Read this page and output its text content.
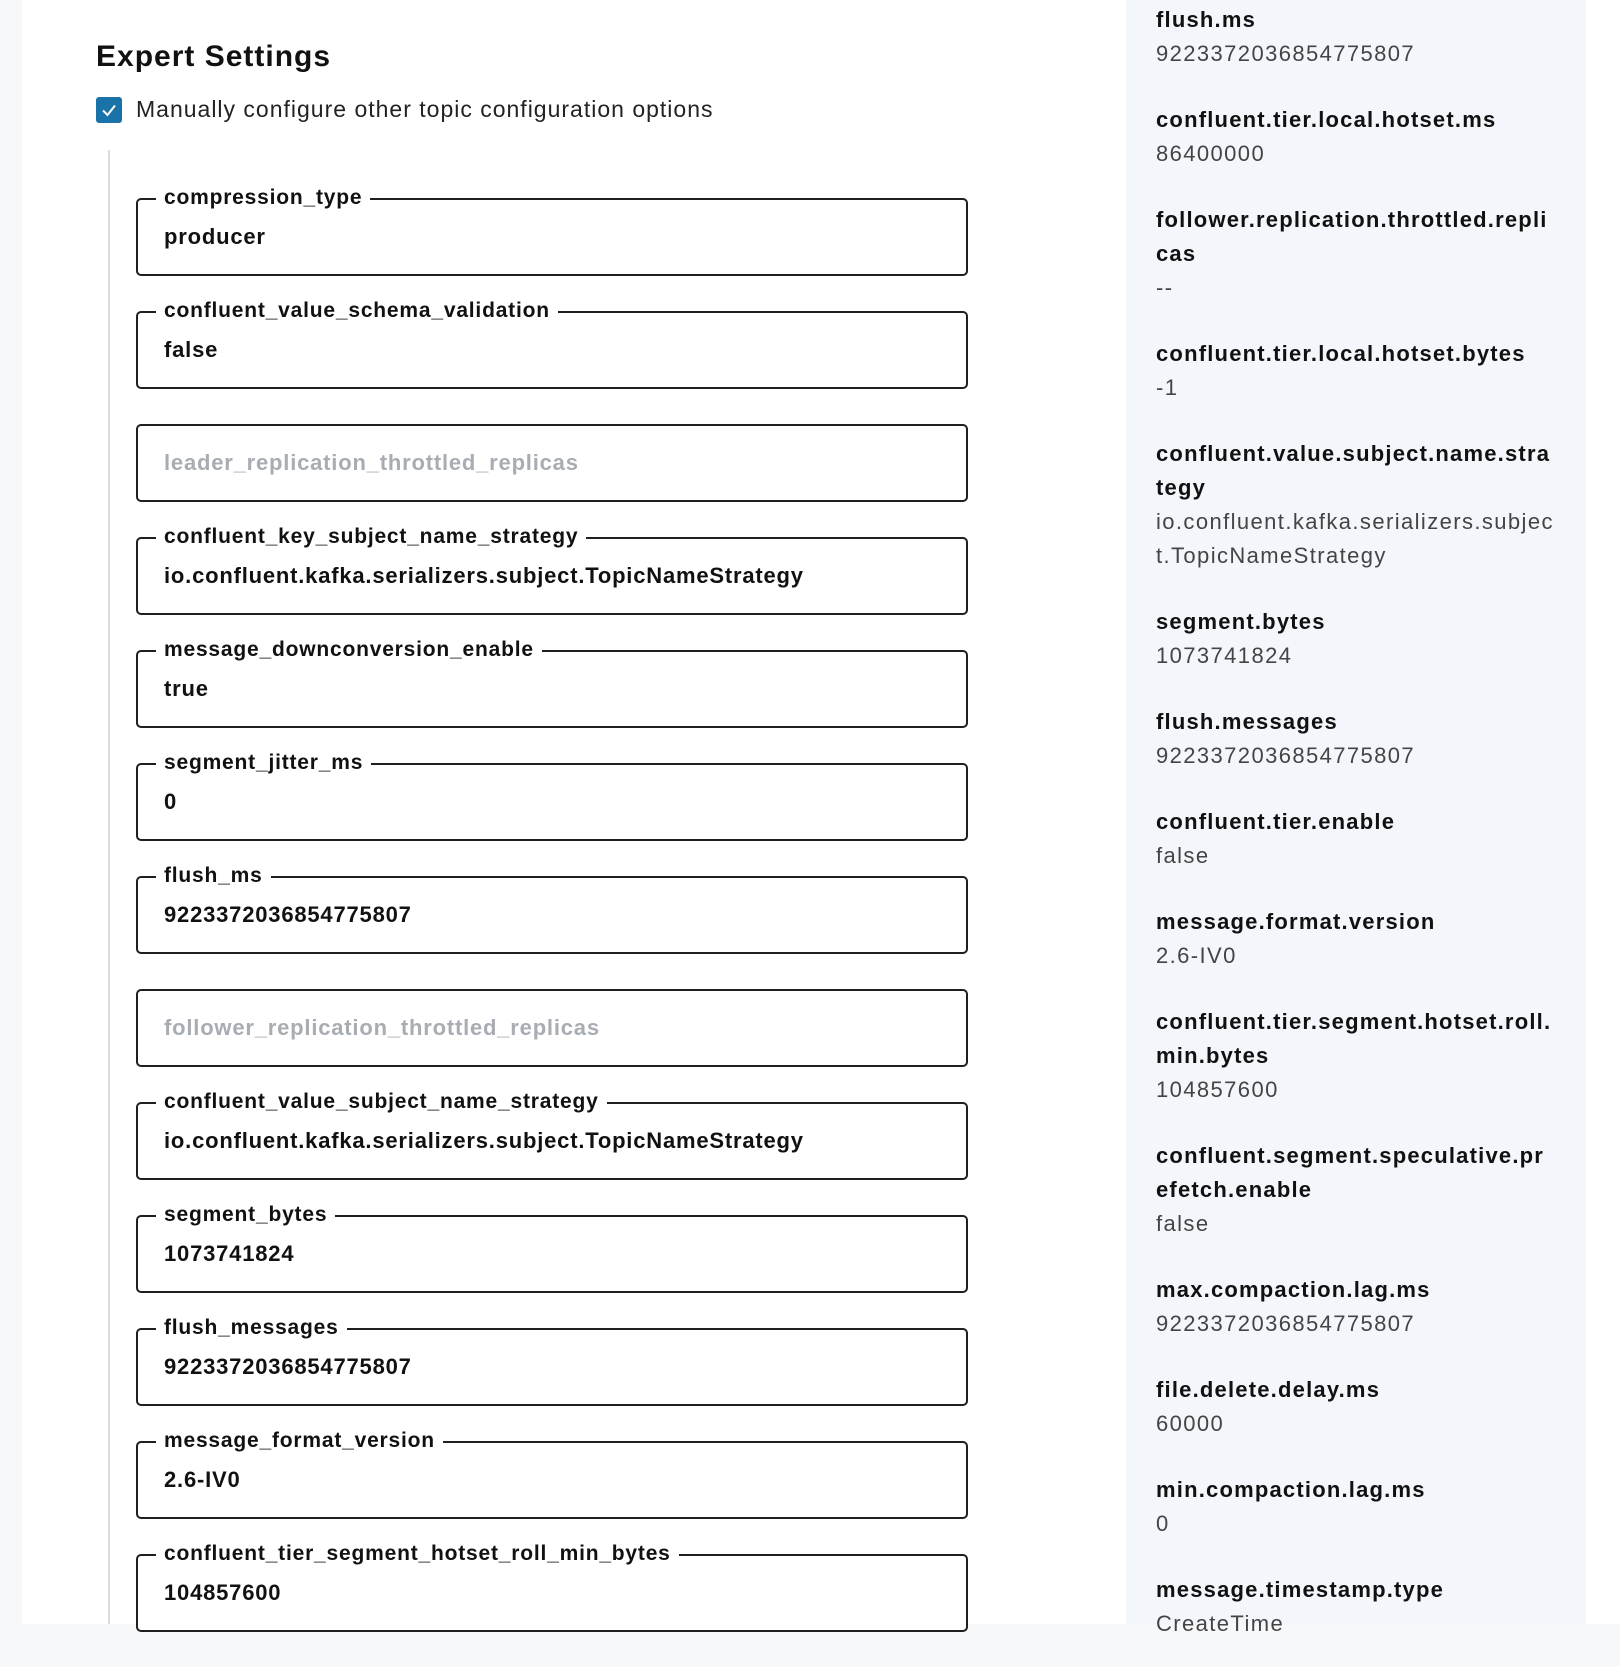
Expert Settings
Manually configure other topic configuration options
compression_type
producer
confluent_value_schema_validation
false
leader_replication_throttled_replicas
confluent_key_subject_name_strategy
io.confluent.kafka.serializers.subject.TopicNameStrategy
message_downconversion_enable
true
segment_jitter_ms
0
flush_ms
9223372036854775807
follower_replication_throttled_replicas
confluent_value_subject_name_strategy
io.confluent.kafka.serializers.subject.TopicNameStrategy
segment_bytes
1073741824
flush_messages
9223372036854775807
message_format_version
2.6-IV0
confluent_tier_segment_hotset_roll_min_bytes
104857600
flush.ms
9223372036854775807
confluent.tier.local.hotset.ms
86400000
follower.replication.throttled.replicas
--
confluent.tier.local.hotset.bytes
-1
confluent.value.subject.name.strategy
io.confluent.kafka.serializers.subject.TopicNameStrategy
segment.bytes
1073741824
flush.messages
9223372036854775807
confluent.tier.enable
false
message.format.version
2.6-IV0
confluent.tier.segment.hotset.roll.min.bytes
104857600
confluent.segment.speculative.prefetch.enable
false
max.compaction.lag.ms
9223372036854775807
file.delete.delay.ms
60000
min.compaction.lag.ms
0
message.timestamp.type
CreateTime
